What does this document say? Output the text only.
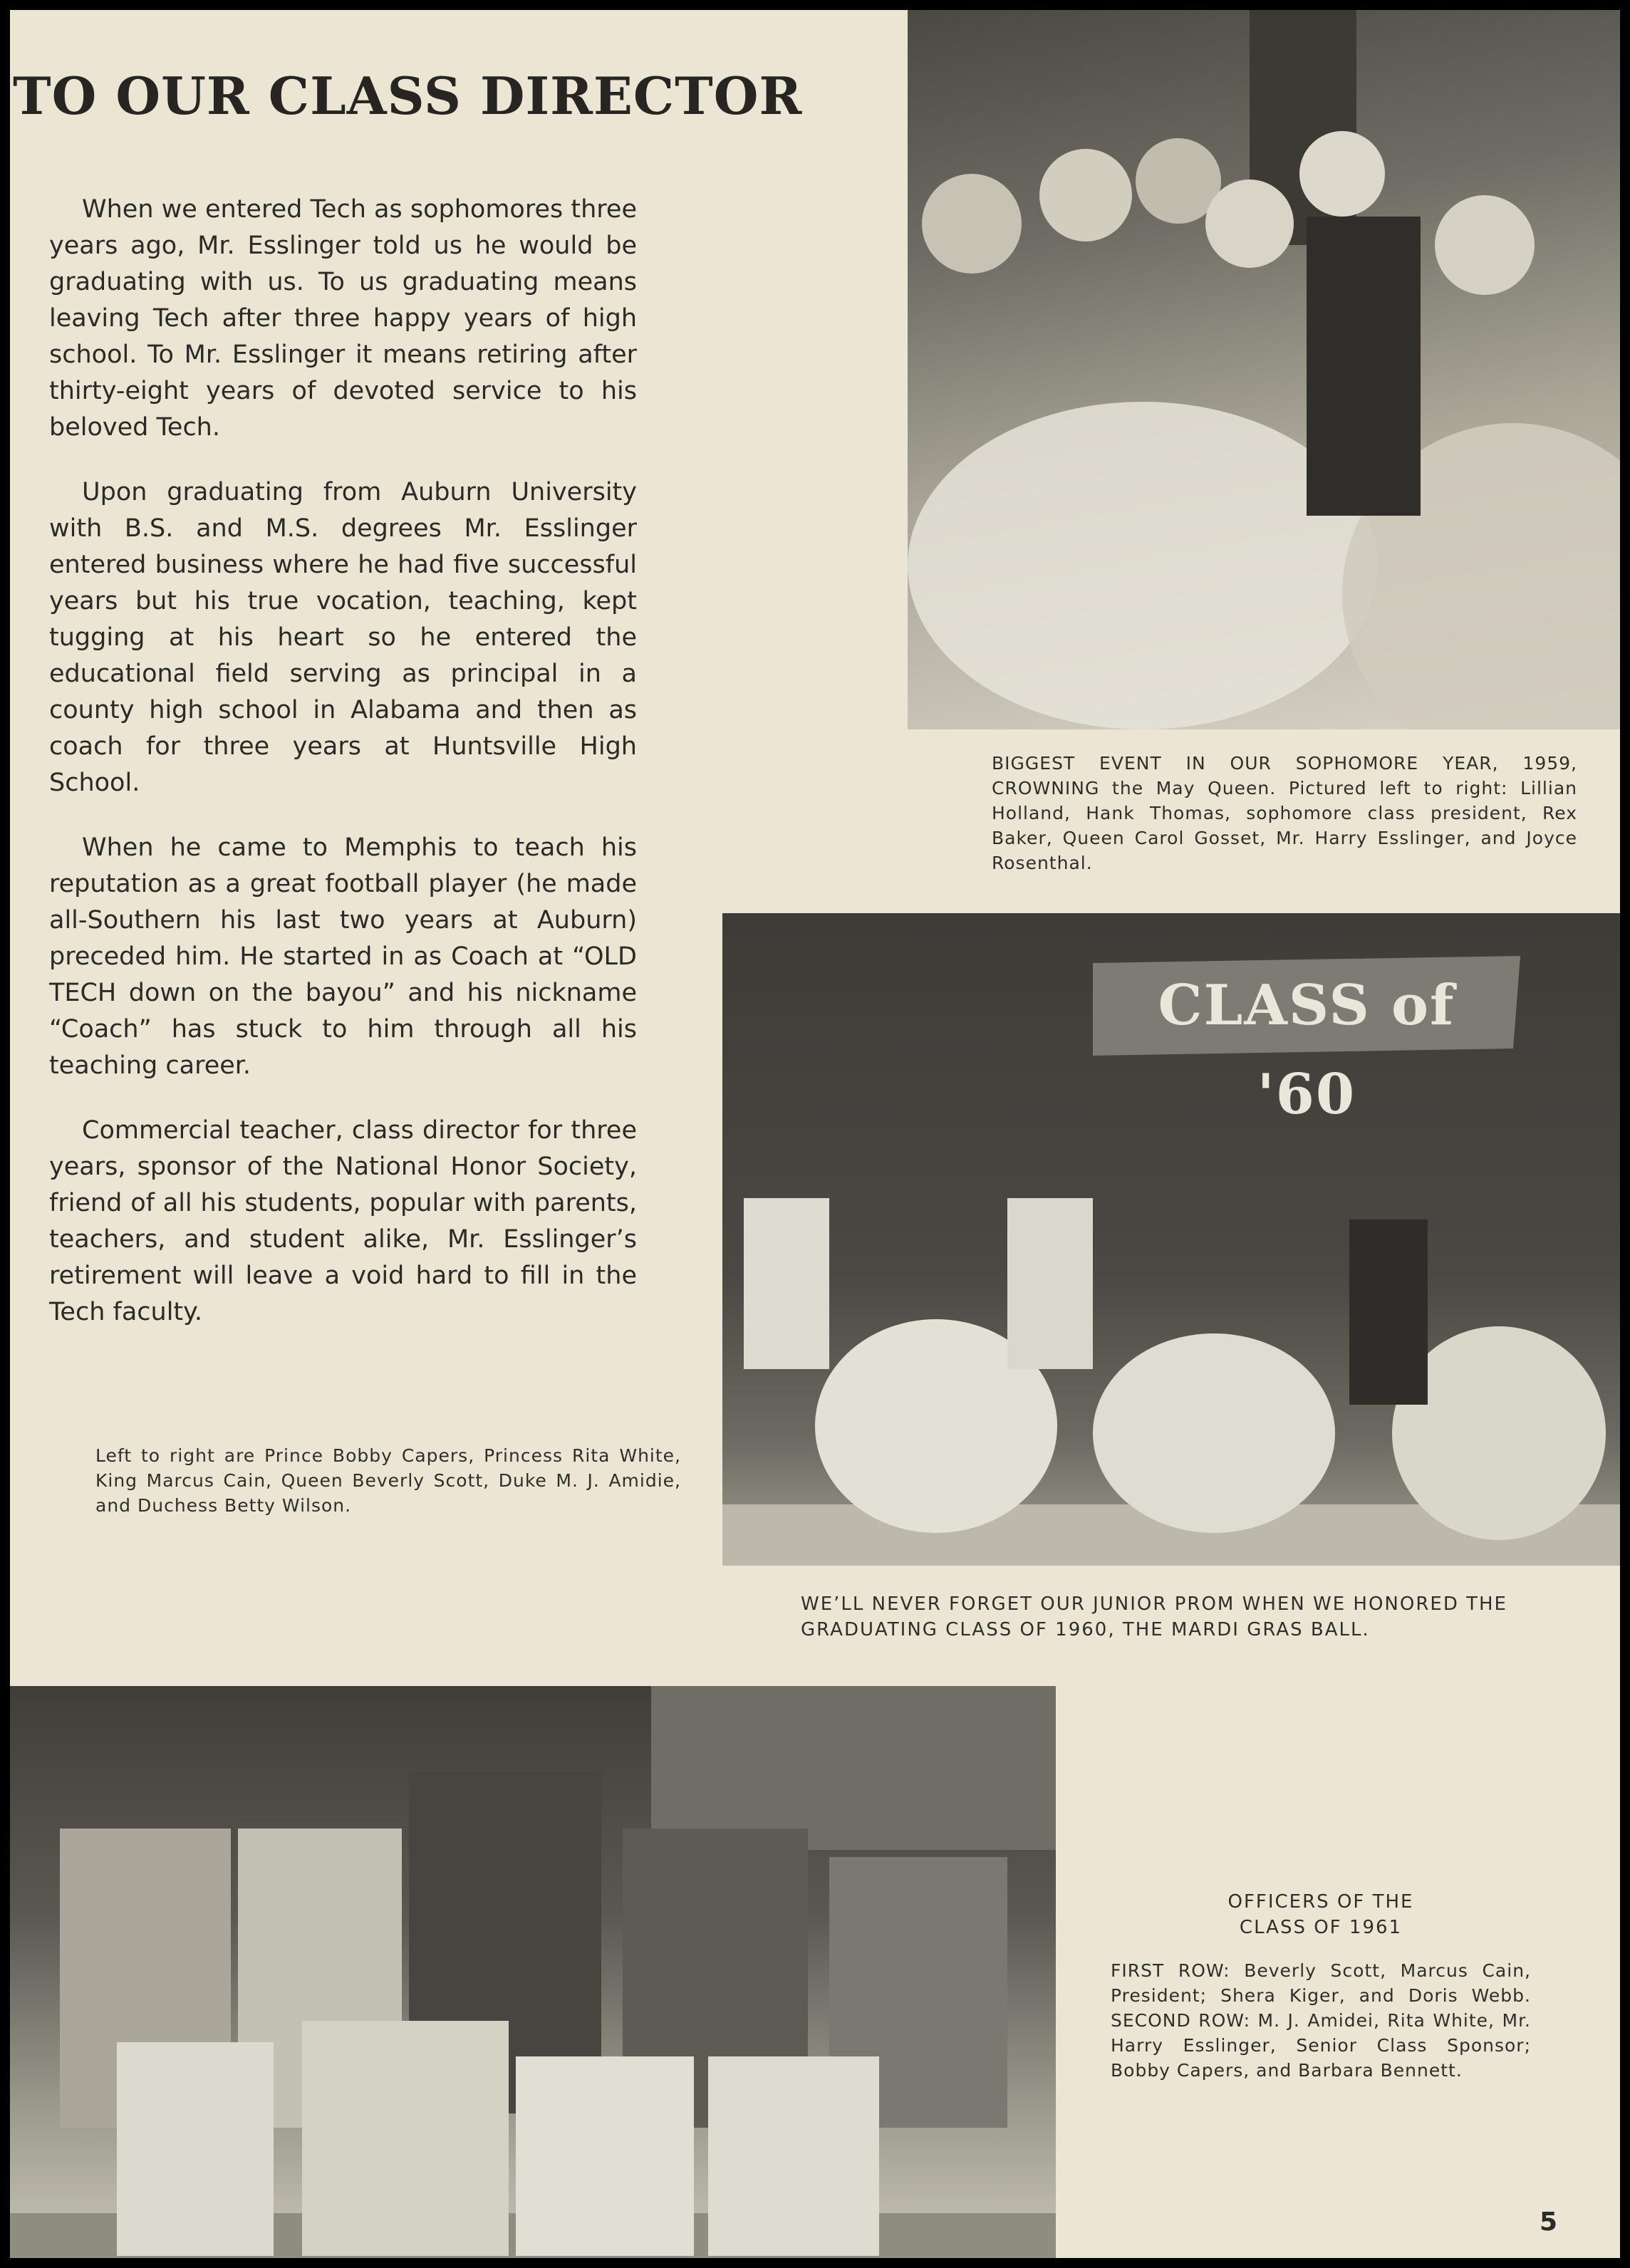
TO OUR CLASS DIRECTOR

When we entered Tech as sophomores three years ago, Mr. Esslinger told us he would be graduating with us. To us graduating means leaving Tech after three happy years of high school. To Mr. Esslinger it means retiring after thirty-eight years of devoted service to his beloved Tech.

Upon graduating from Auburn University with B.S. and M.S. degrees Mr. Esslinger entered business where he had five successful years but his true vocation, teaching, kept tugging at his heart so he entered the educational field serving as principal in a county high school in Alabama and then as coach for three years at Huntsville High School.

When he came to Memphis to teach his reputation as a great football player (he made all-Southern his last two years at Auburn) preceded him. He started in as Coach at “OLD TECH down on the bayou” and his nickname “Coach” has stuck to him through all his teaching career.

Commercial teacher, class director for three years, sponsor of the National Honor Society, friend of all his students, popular with parents, teachers, and student alike, Mr. Esslinger’s retirement will leave a void hard to fill in the Tech faculty.

BIGGEST EVENT IN OUR SOPHOMORE YEAR, 1959, CROWNING the May Queen. Pictured left to right: Lillian Holland, Hank Thomas, sophomore class president, Rex Baker, Queen Carol Gosset, Mr. Harry Esslinger, and Joyce Rosenthal.

CLASS of '60

Left to right are Prince Bobby Capers, Princess Rita White, King Marcus Cain, Queen Beverly Scott, Duke M. J. Amidie, and Duchess Betty Wilson.

WE’LL NEVER FORGET OUR JUNIOR PROM WHEN WE HONORED THE GRADUATING CLASS OF 1960, THE MARDI GRAS BALL.
OFFICERS OF THE
CLASS OF 1961

FIRST ROW: Beverly Scott, Marcus Cain, President; Shera Kiger, and Doris Webb. SECOND ROW: M. J. Amidei, Rita White, Mr. Harry Esslinger, Senior Class Sponsor; Bobby Capers, and Barbara Bennett.

5
